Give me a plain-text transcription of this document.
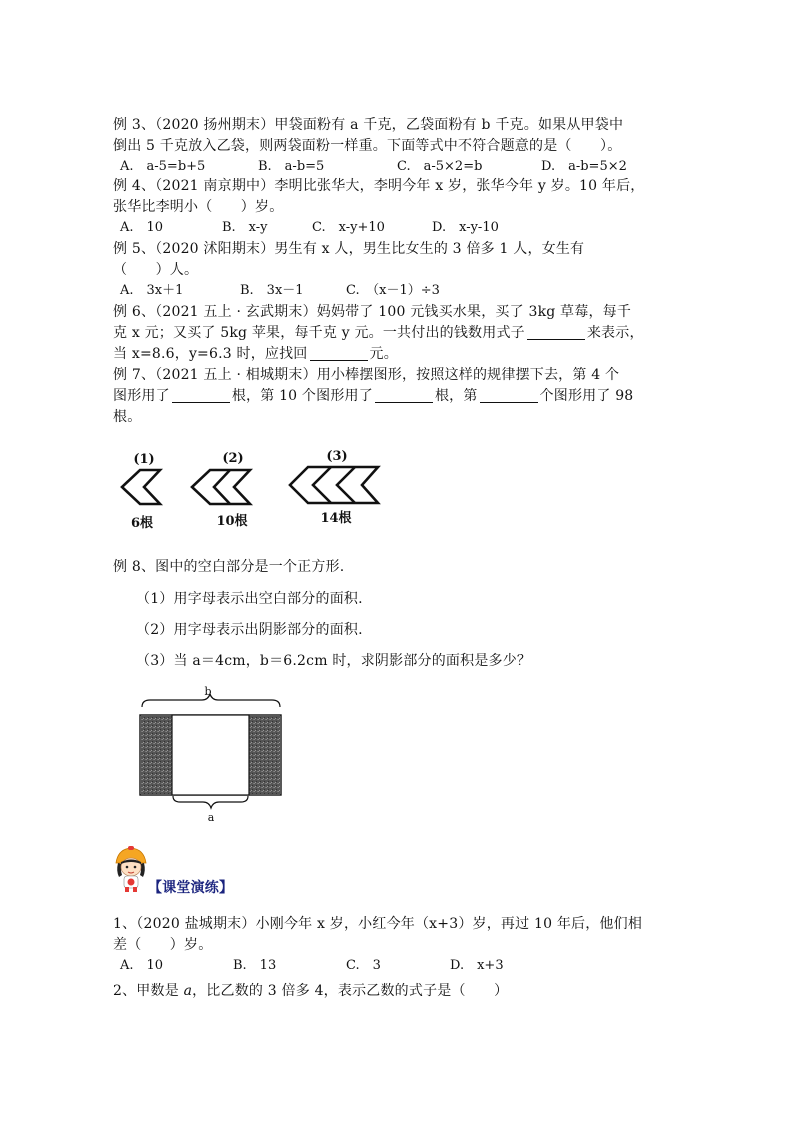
例 3、（2020 扬州期末）甲袋面粉有 a 千克，乙袋面粉有 b 千克。如果从甲袋中
倒出 5 千克放入乙袋，则两袋面粉一样重。下面等式中不符合题意的是（　　）。
A.　a-5=b+5	B.　a-b=5	C.　a-5×2=b	D.　a-b=5×2
例 4、（2021 南京期中）李明比张华大，李明今年 x 岁，张华今年 y 岁。10 年后，
张华比李明小（　　）岁。
A.　10	B.　x-y	C.　x-y+10	D.　x-y-10
例 5、（2020 沭阳期末）男生有 x 人，男生比女生的 3 倍多 1 人，女生有
（　　）人。
A.　3x＋1	B.　3x－1	C.　（x－1）÷3
例 6、（2021 五上 · 玄武期末）妈妈带了 100 元钱买水果，买了 3kg 草莓，每千
克 x 元；又买了 5kg 苹果，每千克 y 元。一共付出的钱数用式子	来表示，
当 x=8.6，y=6.3 时，应找回	元。
例 7、（2021 五上 · 相城期末）用小棒摆图形，按照这样的规律摆下去，第 4 个
图形用了	根，第 10 个图形用了	根，第	个图形用了 98
根。
(1)	(2)	(3)
6根	10根	14根
例 8、图中的空白部分是一个正方形.
（1）用字母表示出空白部分的面积.
（2）用字母表示出阴影部分的面积.
（3）当 a＝4cm，b＝6.2cm 时，求阴影部分的面积是多少？
b
a
【课堂演练】
1、（2020 盐城期末）小刚今年 x 岁，小红今年（x+3）岁，再过 10 年后，他们相
差（　　）岁。
A.　10	B.　13	C.　3	D.　x+3
2、甲数是 a，比乙数的 3 倍多 4，表示乙数的式子是（　　）
